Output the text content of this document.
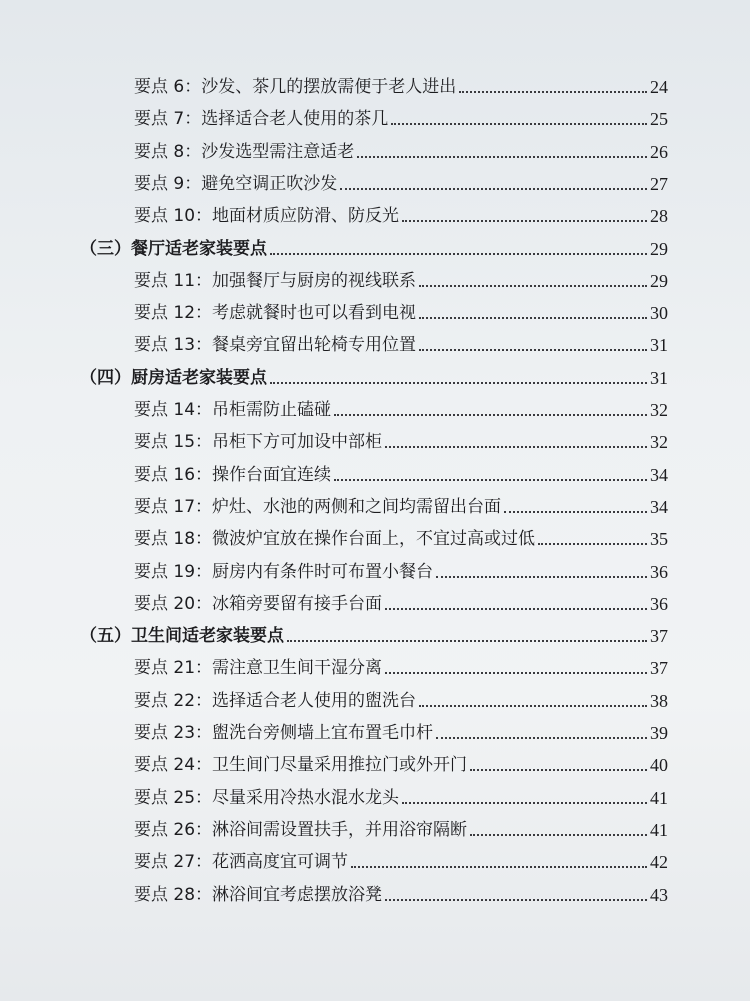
要点 6：沙发、茶几的摆放需便于老人进出	24
要点 7：选择适合老人使用的茶几	25
要点 8：沙发选型需注意适老	26
要点 9：避免空调正吹沙发	27
要点 10：地面材质应防滑、防反光	28
（三）餐厅适老家装要点	29
要点 11：加强餐厅与厨房的视线联系	29
要点 12：考虑就餐时也可以看到电视	30
要点 13：餐桌旁宜留出轮椅专用位置	31
（四）厨房适老家装要点	31
要点 14：吊柜需防止磕碰	32
要点 15：吊柜下方可加设中部柜	32
要点 16：操作台面宜连续	34
要点 17：炉灶、水池的两侧和之间均需留出台面	34
要点 18：微波炉宜放在操作台面上，不宜过高或过低	35
要点 19：厨房内有条件时可布置小餐台	36
要点 20：冰箱旁要留有接手台面	36
（五）卫生间适老家装要点	37
要点 21：需注意卫生间干湿分离	37
要点 22：选择适合老人使用的盥洗台	38
要点 23：盥洗台旁侧墙上宜布置毛巾杆	39
要点 24：卫生间门尽量采用推拉门或外开门	40
要点 25：尽量采用冷热水混水龙头	41
要点 26：淋浴间需设置扶手，并用浴帘隔断	41
要点 27：花洒高度宜可调节	42
要点 28：淋浴间宜考虑摆放浴凳	43
